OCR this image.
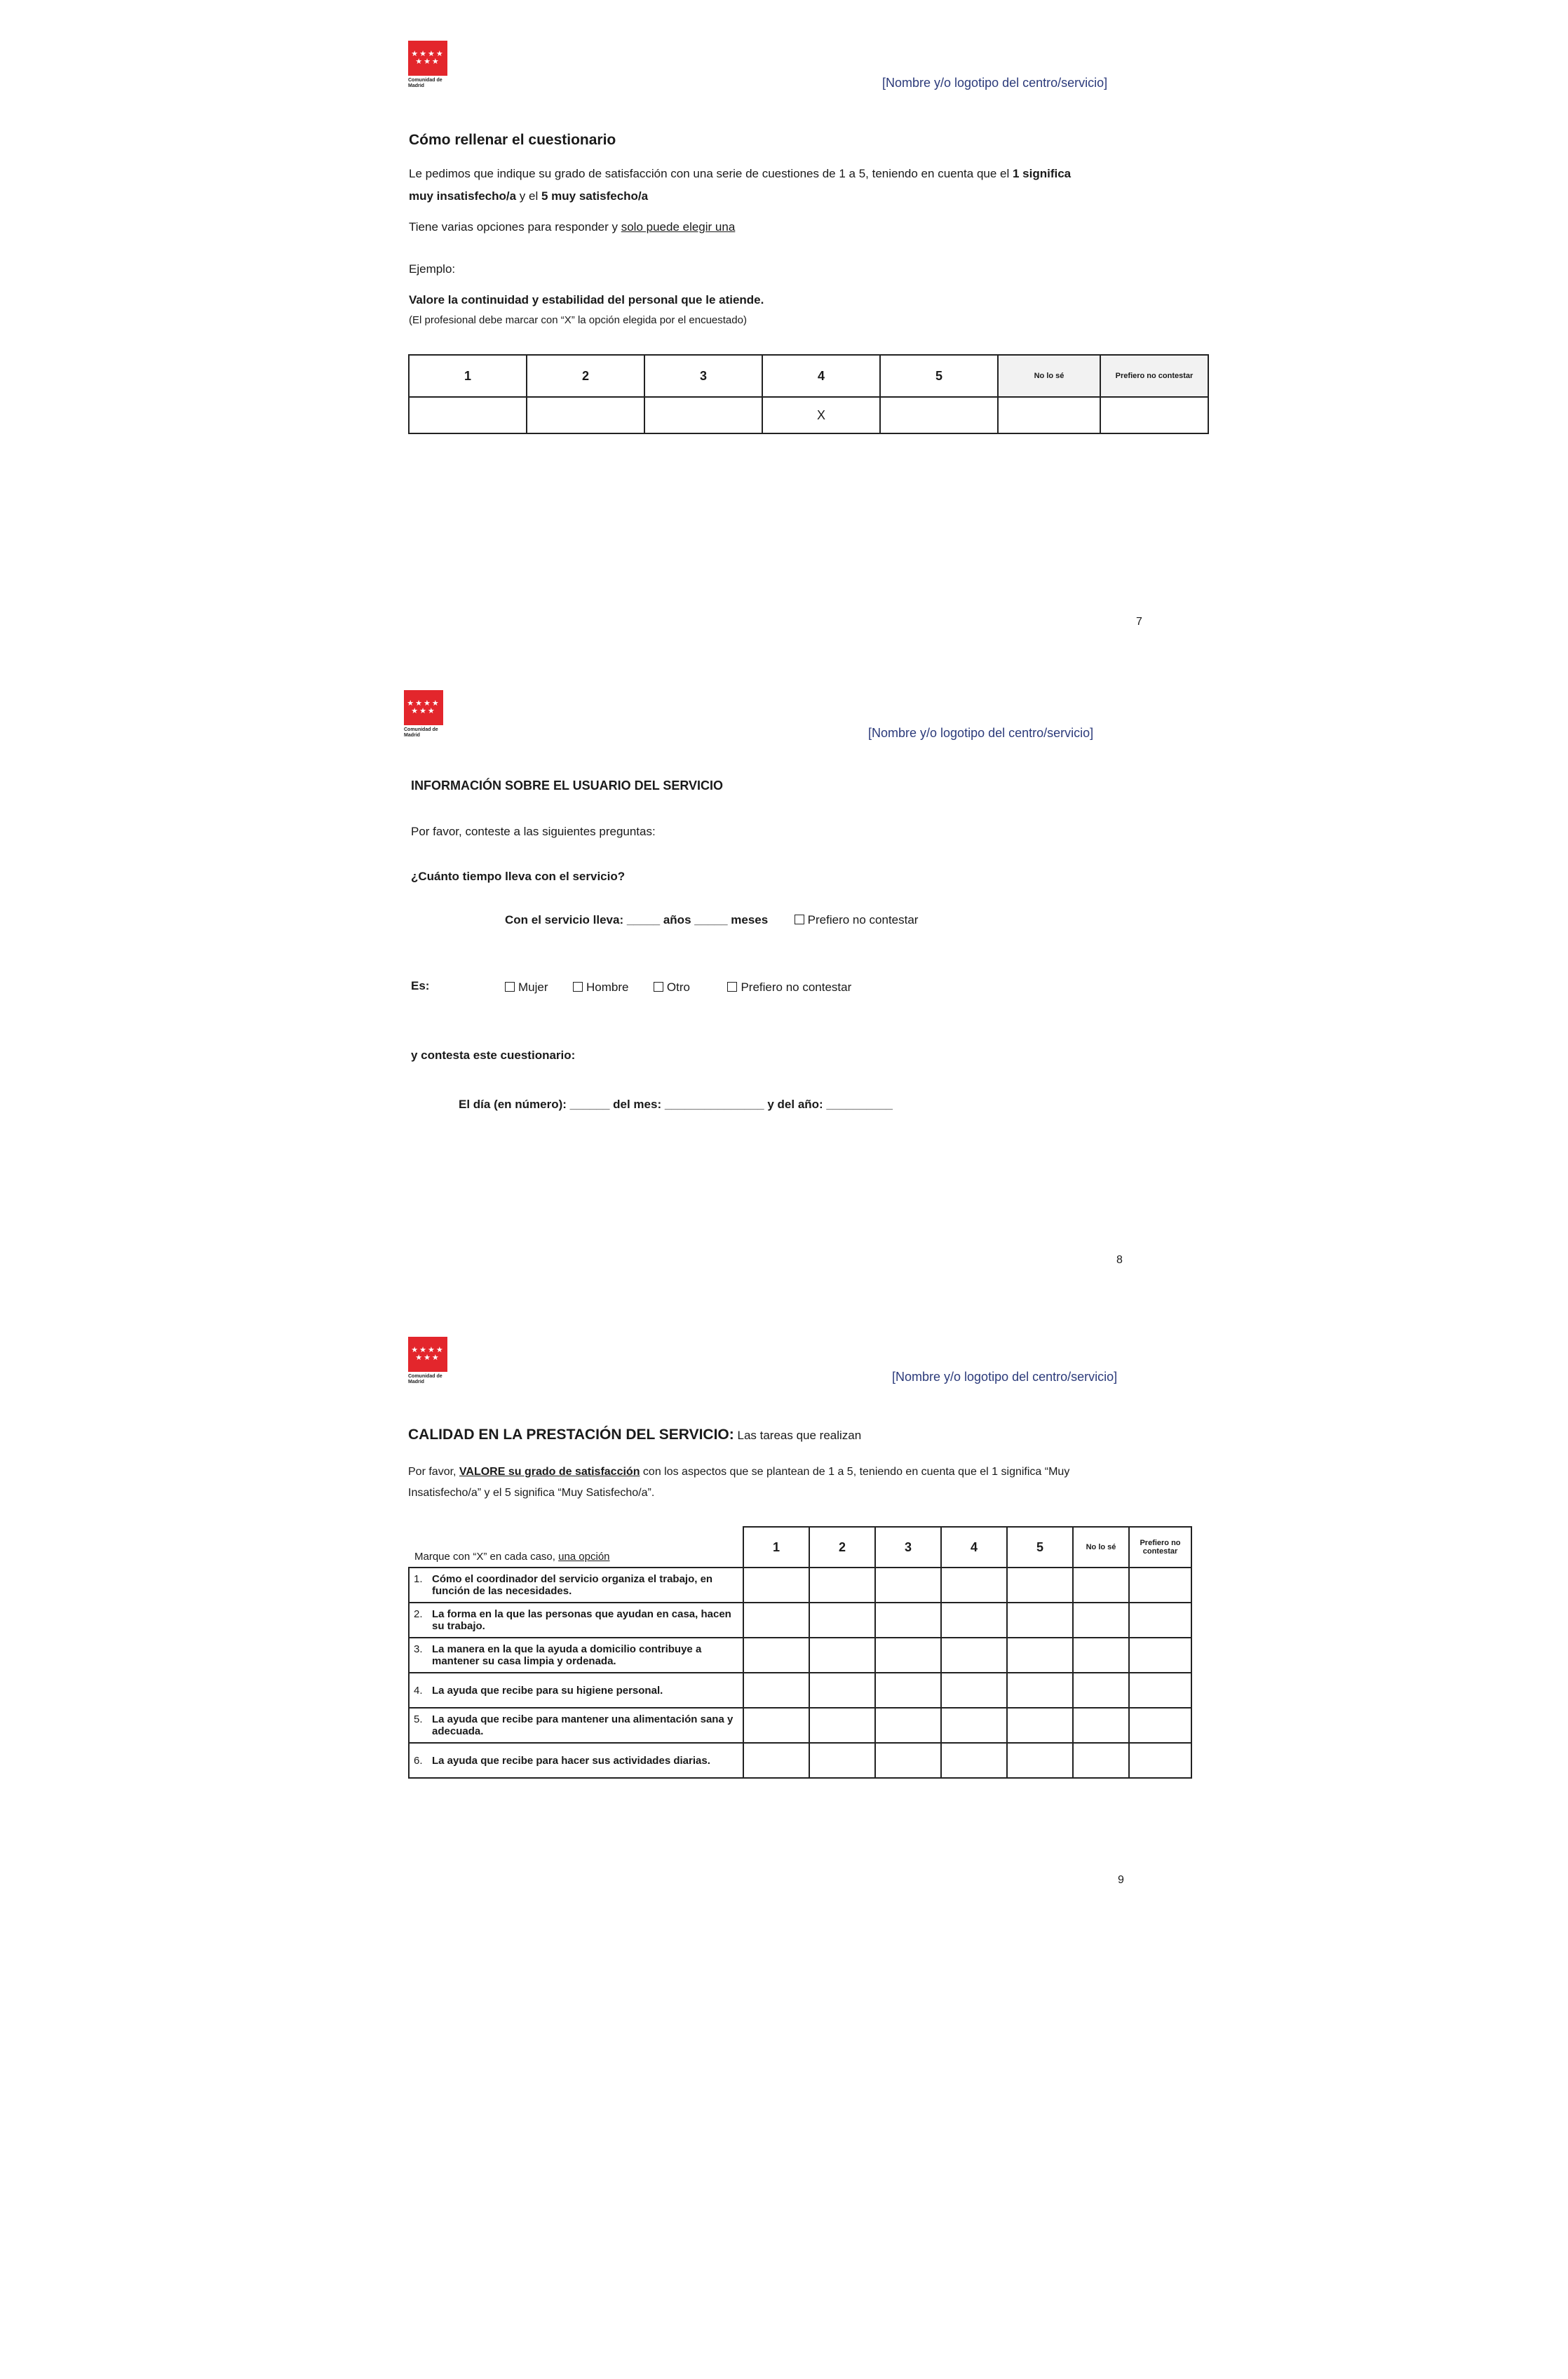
★★★★ ★★★
Comunidad de Madrid	[Nombre y/o logotipo del centro/servicio]
Cómo rellenar el cuestionario
Le pedimos que indique su grado de satisfacción con una serie de cuestiones de 1 a 5, teniendo en cuenta que el 1 significa
muy insatisfecho/a y el 5 muy satisfecho/a
Tiene varias opciones para responder y solo puede elegir una
Ejemplo:
Valore la continuidad y estabilidad del personal que le atiende.
(El profesional debe marcar con “X” la opción elegida por el encuestado)
1	2	3	4	5	No lo sé	Prefiero no contestar
			X			
7
★★★★ ★★★
Comunidad de Madrid	[Nombre y/o logotipo del centro/servicio]
INFORMACIÓN SOBRE EL USUARIO DEL SERVICIO
Por favor, conteste a las siguientes preguntas:
¿Cuánto tiempo lleva con el servicio?
Con el servicio lleva: _____ años _____ meses	Prefiero no contestar
Es:	Mujer	Hombre	Otro	Prefiero no contestar
y contesta este cuestionario:
El día (en número): ______ del mes: _______________ y del año: __________
8
★★★★ ★★★
Comunidad de Madrid	[Nombre y/o logotipo del centro/servicio]
CALIDAD EN LA PRESTACIÓN DEL SERVICIO: Las tareas que realizan
Por favor, VALORE su grado de satisfacción con los aspectos que se plantean de 1 a 5, teniendo en cuenta que el 1 significa “Muy
Insatisfecho/a” y el 5 significa “Muy Satisfecho/a”.
Marque con “X” en cada caso, una opción	1	2	3	4	5	No lo sé	Prefiero no contestar
1. Cómo el coordinador del servicio organiza el trabajo, en función de las necesidades.							
2. La forma en la que las personas que ayudan en casa, hacen su trabajo.							
3. La manera en la que la ayuda a domicilio contribuye a mantener su casa limpia y ordenada.							
4. La ayuda que recibe para su higiene personal.							
5. La ayuda que recibe para mantener una alimentación sana y adecuada.							
6. La ayuda que recibe para hacer sus actividades diarias.							
9
